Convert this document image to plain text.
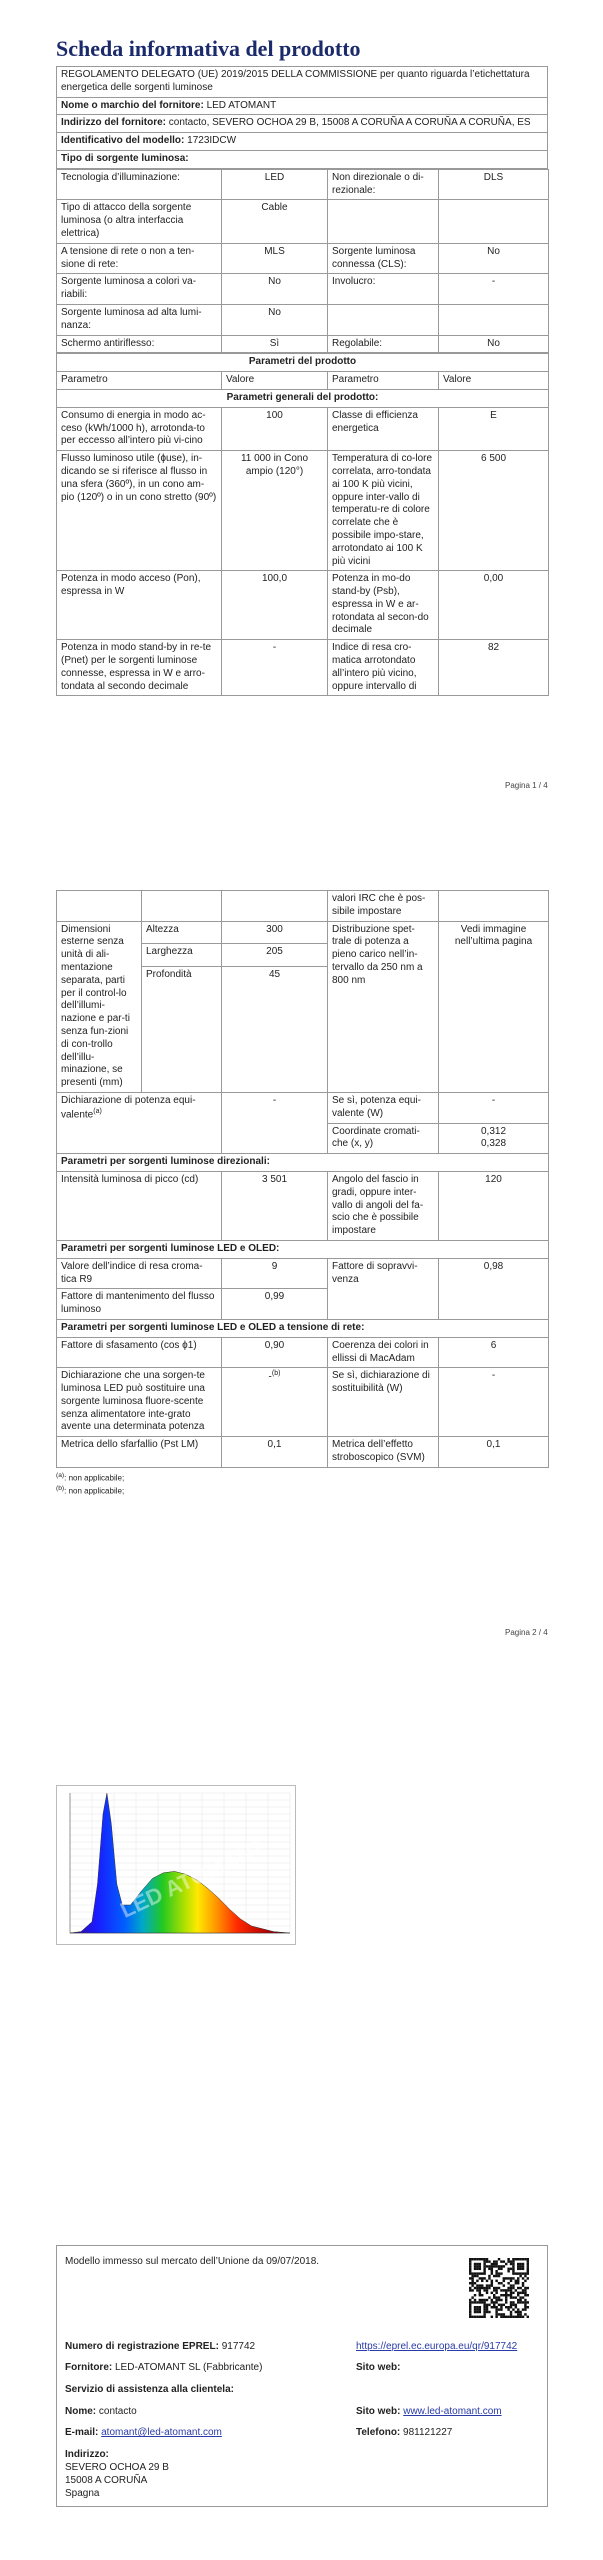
Scheda informativa del prodotto
REGOLAMENTO DELEGATO (UE) 2019/2015 DELLA COMMISSIONE per quanto riguarda l’etichettatura energetica delle sorgenti luminose
Nome o marchio del fornitore: LED ATOMANT
Indirizzo del fornitore: contacto, SEVERO OCHOA 29 B, 15008 A CORUÑA A CORUÑA A CORUÑA, ES
Identificativo del modello: 1723IDCW
Tipo di sorgente luminosa:
Tecnologia d’illuminazione:	LED	Non direzionale o di-rezionale:	DLS
Tipo di attacco della sorgente luminosa (o altra interfaccia elettrica)	Cable		
A tensione di rete o non a ten-sione di rete:	MLS	Sorgente luminosa connessa (CLS):	No
Sorgente luminosa a colori va-riabili:	No	Involucro:	-
Sorgente luminosa ad alta lumi-nanza:	No		
Schermo antiriflesso:	Sì	Regolabile:	No
Parametri del prodotto			
Parametro	Valore	Parametro	Valore
Parametri generali del prodotto:			
Consumo di energia in modo ac-ceso (kWh/1000 h), arrotonda-to per eccesso all’intero più vi-cino	100	Classe di efficienza energetica	E
Flusso luminoso utile (ɸuse), in-dicando se si riferisce al flusso in una sfera (360º), in un cono am-pio (120º) o in un cono stretto (90º)	11 000 in Cono ampio (120°)	Temperatura di co-lore correlata, arro-tondata ai 100 K più vicini, oppure inter-vallo di temperatu-re di colore correlate che è possibile impo-stare, arrotondato ai 100 K più vicini	6 500
Potenza in modo acceso (Pon), espressa in W	100,0	Potenza in mo-do stand-by (Psb), espressa in W e ar-rotondata al secon-do decimale	0,00
Potenza in modo stand-by in re-te (Pnet) per le sorgenti luminose connesse, espressa in W e arro-tondata al secondo decimale	-	Indice di resa cro-matica arrotondato all’intero più vicino, oppure intervallo di	82
Pagina 1 / 4
			valori IRC che è pos-sibile impostare	
Dimensioni esterne senza unità di ali-mentazione separata, parti per il control-lo dell’illumi-nazione e par-ti senza fun-zioni di con-trollo dell’illu-minazione, se presenti (mm)	Altezza	300	Distribuzione spet-trale di potenza a pieno carico nell’in-tervallo da 250 nm a 800 nm	Vedi immagine nell’ultima pagina
	Larghezza	205		
	Profondità	45		
Dichiarazione di potenza equi-valente$^{(a)}$		-	Se sì, potenza equi-valente (W)	-
			Coordinate cromati-che (x, y)	0,312
0,328
Parametri per sorgenti luminose direzionali:				
Intensità luminosa di picco (cd)		3 501	Angolo del fascio in gradi, oppure inter-vallo di angoli del fa-scio che è possibile impostare	120
Parametri per sorgenti luminose LED e OLED:				
Valore dell’indice di resa croma-tica R9		9	Fattore di sopravvi-venza	0,98
Fattore di mantenimento del flusso luminoso		0,99		
Parametri per sorgenti luminose LED e OLED a tensione di rete:				
Fattore di sfasamento (cos ϕ1)		0,90	Coerenza dei colori in ellissi di MacAdam	6
Dichiarazione che una sorgen-te luminosa LED può sostituire una sorgente luminosa fluore-scente senza alimentatore inte-grato avente una determinata potenza		-$^{(b)}$	Se sì, dichiarazione di sostituibilità (W)	-
Metrica dello sfarfallio (Pst LM)		0,1	Metrica dell’effetto stroboscopico (SVM)	0,1
$^{(a)}$: non applicabile;
$^{(b)}$: non applicabile;
Pagina 2 / 4
LED ATOMANT
Modello immesso sul mercato dell’Unione da 09/07/2018.
Numero di registrazione EPREL: 917742	https://eprel.ec.europa.eu/qr/917742
Fornitore: LED-ATOMANT SL (Fabbricante)	Sito web:
Servizio di assistenza alla clientela:
Nome: contacto	Sito web: www.led-atomant.com
E-mail: atomant@led-atomant.com	Telefono: 981121227
Indirizzo:
SEVERO OCHOA 29 B
15008 A CORUÑA
Spagna
